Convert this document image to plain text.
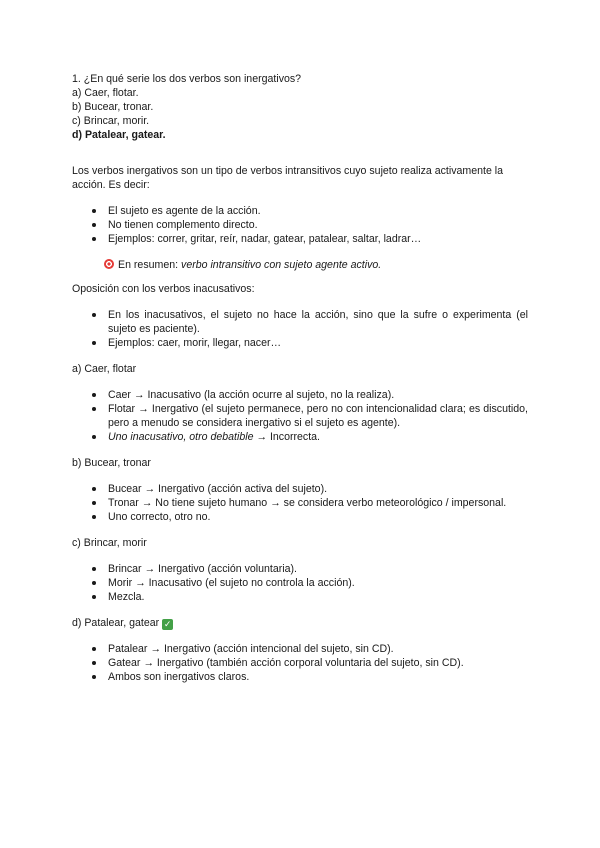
1. ¿En qué serie los dos verbos son inergativos?

a) Caer, flotar.

b) Bucear, tronar.

c) Brincar, morir.

d) Patalear, gatear.

Los verbos inergativos son un tipo de verbos intransitivos cuyo sujeto realiza activamente la acción. Es decir:

El sujeto es agente de la acción.
No tienen complemento directo.
Ejemplos: correr, gritar, reír, nadar, gatear, patalear, saltar, ladrar…

En resumen: verbo intransitivo con sujeto agente activo.

Oposición con los verbos inacusativos:

En los inacusativos, el sujeto no hace la acción, sino que la sufre o experimenta (el sujeto es paciente).
Ejemplos: caer, morir, llegar, nacer…

a) Caer, flotar

Caer → Inacusativo (la acción ocurre al sujeto, no la realiza).
Flotar → Inergativo (el sujeto permanece, pero no con intencionalidad clara; es discutido, pero a menudo se considera inergativo si el sujeto es agente).
Uno inacusativo, otro debatible → Incorrecta.

b) Bucear, tronar

Bucear → Inergativo (acción activa del sujeto).
Tronar → No tiene sujeto humano → se considera verbo meteorológico / impersonal.
Uno correcto, otro no.

c) Brincar, morir

Brincar → Inergativo (acción voluntaria).
Morir → Inacusativo (el sujeto no controla la acción).
Mezcla.

d) Patalear, gatear ✓

Patalear → Inergativo (acción intencional del sujeto, sin CD).
Gatear → Inergativo (también acción corporal voluntaria del sujeto, sin CD).
Ambos son inergativos claros.
